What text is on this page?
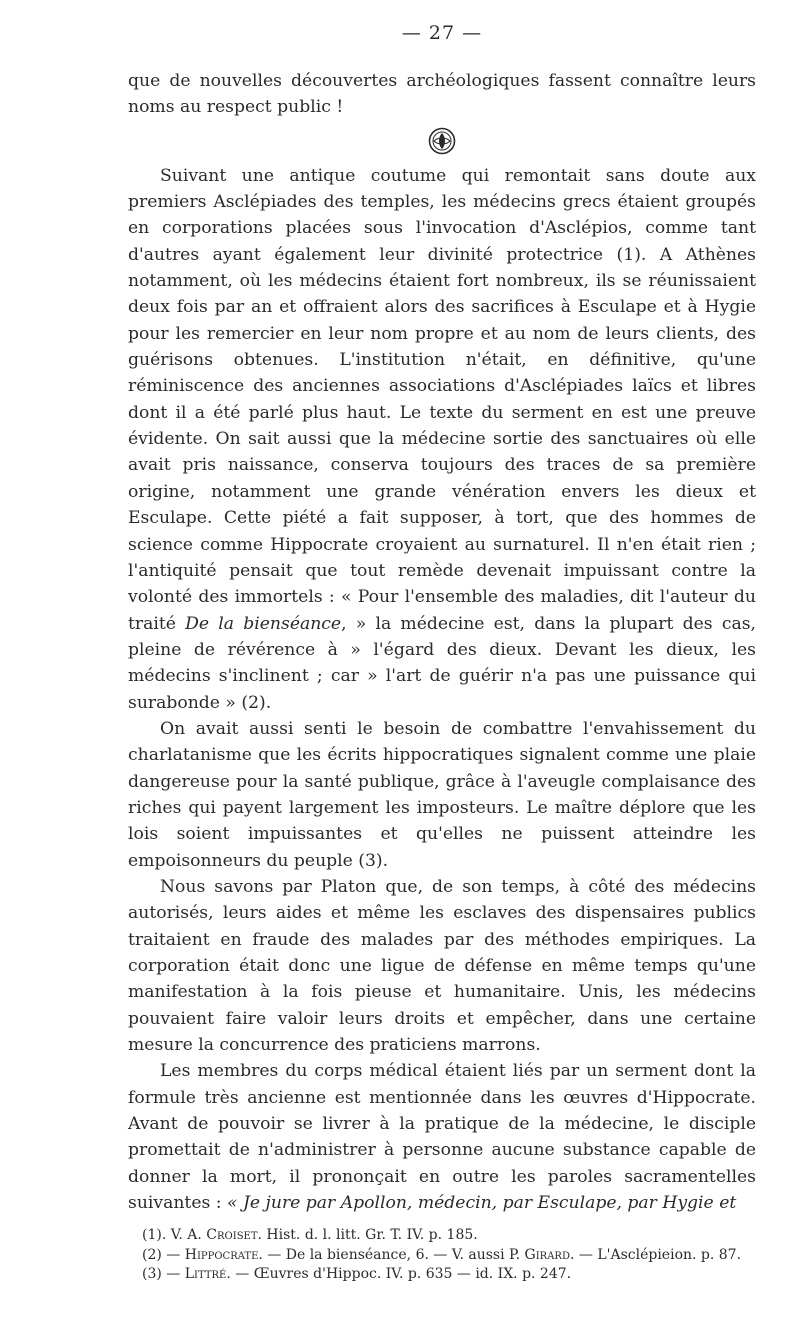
— 27 —

que de nouvelles découvertes archéologiques fassent connaître leurs noms au respect public !

Suivant une antique coutume qui remontait sans doute aux premiers Asclépiades des temples, les médecins grecs étaient groupés en corporations placées sous l'invocation d'Asclépios, comme tant d'autres ayant également leur divinité protectrice (1). A Athènes notamment, où les médecins étaient fort nombreux, ils se réunissaient deux fois par an et offraient alors des sacrifices à Esculape et à Hygie pour les remercier en leur nom propre et au nom de leurs clients, des guérisons obtenues. L'institution n'était, en définitive, qu'une réminiscence des anciennes associations d'Asclépiades laïcs et libres dont il a été parlé plus haut. Le texte du serment en est une preuve évidente. On sait aussi que la médecine sortie des sanctuaires où elle avait pris naissance, conserva toujours des traces de sa première origine, notamment une grande vénération envers les dieux et Esculape. Cette piété a fait supposer, à tort, que des hommes de science comme Hippocrate croyaient au surnaturel. Il n'en était rien ; l'antiquité pensait que tout remède devenait impuissant contre la volonté des immortels : « Pour l'ensemble des maladies, dit l'auteur du traité De la bienséance, » la médecine est, dans la plupart des cas, pleine de révérence à » l'égard des dieux. Devant les dieux, les médecins s'inclinent ; car » l'art de guérir n'a pas une puissance qui surabonde » (2).

On avait aussi senti le besoin de combattre l'envahissement du charlatanisme que les écrits hippocratiques signalent comme une plaie dangereuse pour la santé publique, grâce à l'aveugle complaisance des riches qui payent largement les imposteurs. Le maître déplore que les lois soient impuissantes et qu'elles ne puissent atteindre les empoisonneurs du peuple (3).

Nous savons par Platon que, de son temps, à côté des médecins autorisés, leurs aides et même les esclaves des dispensaires publics traitaient en fraude des malades par des méthodes empiriques. La corporation était donc une ligue de défense en même temps qu'une manifestation à la fois pieuse et humanitaire. Unis, les médecins pouvaient faire valoir leurs droits et empêcher, dans une certaine mesure la concurrence des praticiens marrons.

Les membres du corps médical étaient liés par un serment dont la formule très ancienne est mentionnée dans les œuvres d'Hippocrate. Avant de pouvoir se livrer à la pratique de la médecine, le disciple promettait de n'administrer à personne aucune substance capable de donner la mort, il prononçait en outre les paroles sacramentelles suivantes : « Je jure par Apollon, médecin, par Esculape, par Hygie et

(1). V. A. Croiset. Hist. d. l. litt. Gr. T. IV. p. 185.

(2) — Hippocrate. — De la bienséance, 6. — V. aussi P. Girard. — L'Asclépieion. p. 87.

(3) — Littré. — Œuvres d'Hippoc. IV. p. 635 — id. IX. p. 247.
